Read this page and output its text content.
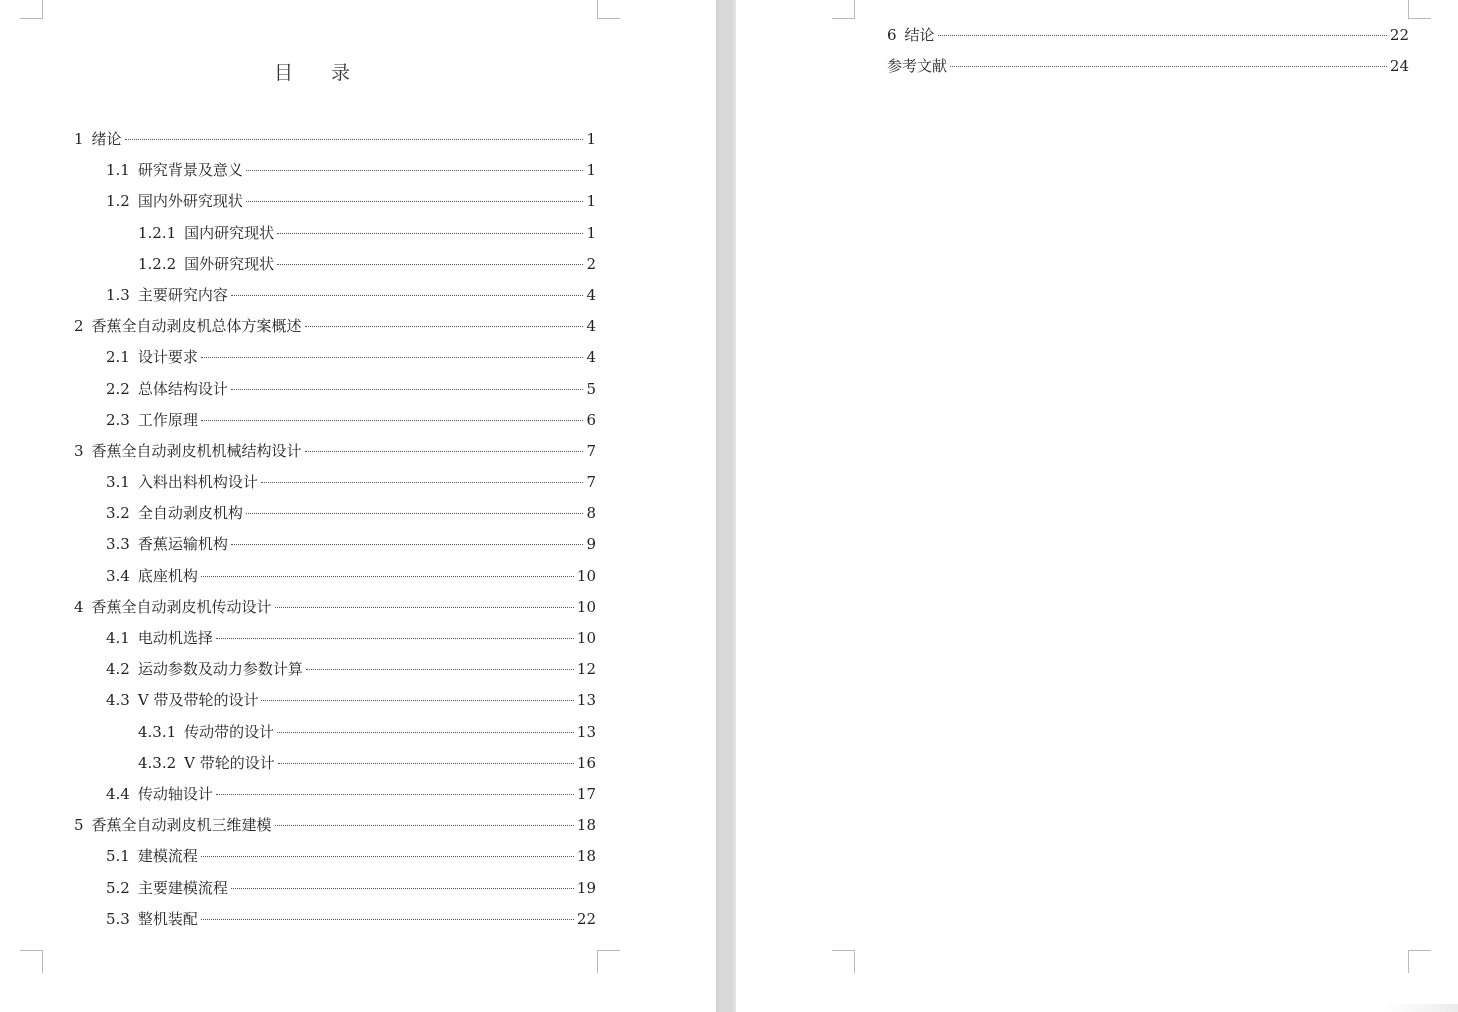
目 录
1 绪论	1
1.1 研究背景及意义	1
1.2 国内外研究现状	1
1.2.1 国内研究现状	1
1.2.2 国外研究现状	2
1.3 主要研究内容	4
2 香蕉全自动剥皮机总体方案概述	4
2.1 设计要求	4
2.2 总体结构设计	5
2.3 工作原理	6
3 香蕉全自动剥皮机机械结构设计	7
3.1 入料出料机构设计	7
3.2 全自动剥皮机构	8
3.3 香蕉运输机构	9
3.4 底座机构	10
4 香蕉全自动剥皮机传动设计	10
4.1 电动机选择	10
4.2 运动参数及动力参数计算	12
4.3 V 带及带轮的设计	13
4.3.1 传动带的设计	13
4.3.2 V 带轮的设计	16
4.4 传动轴设计	17
5 香蕉全自动剥皮机三维建模	18
5.1 建模流程	18
5.2 主要建模流程	19
5.3 整机装配	22
6 结论	22
参考文献	24
